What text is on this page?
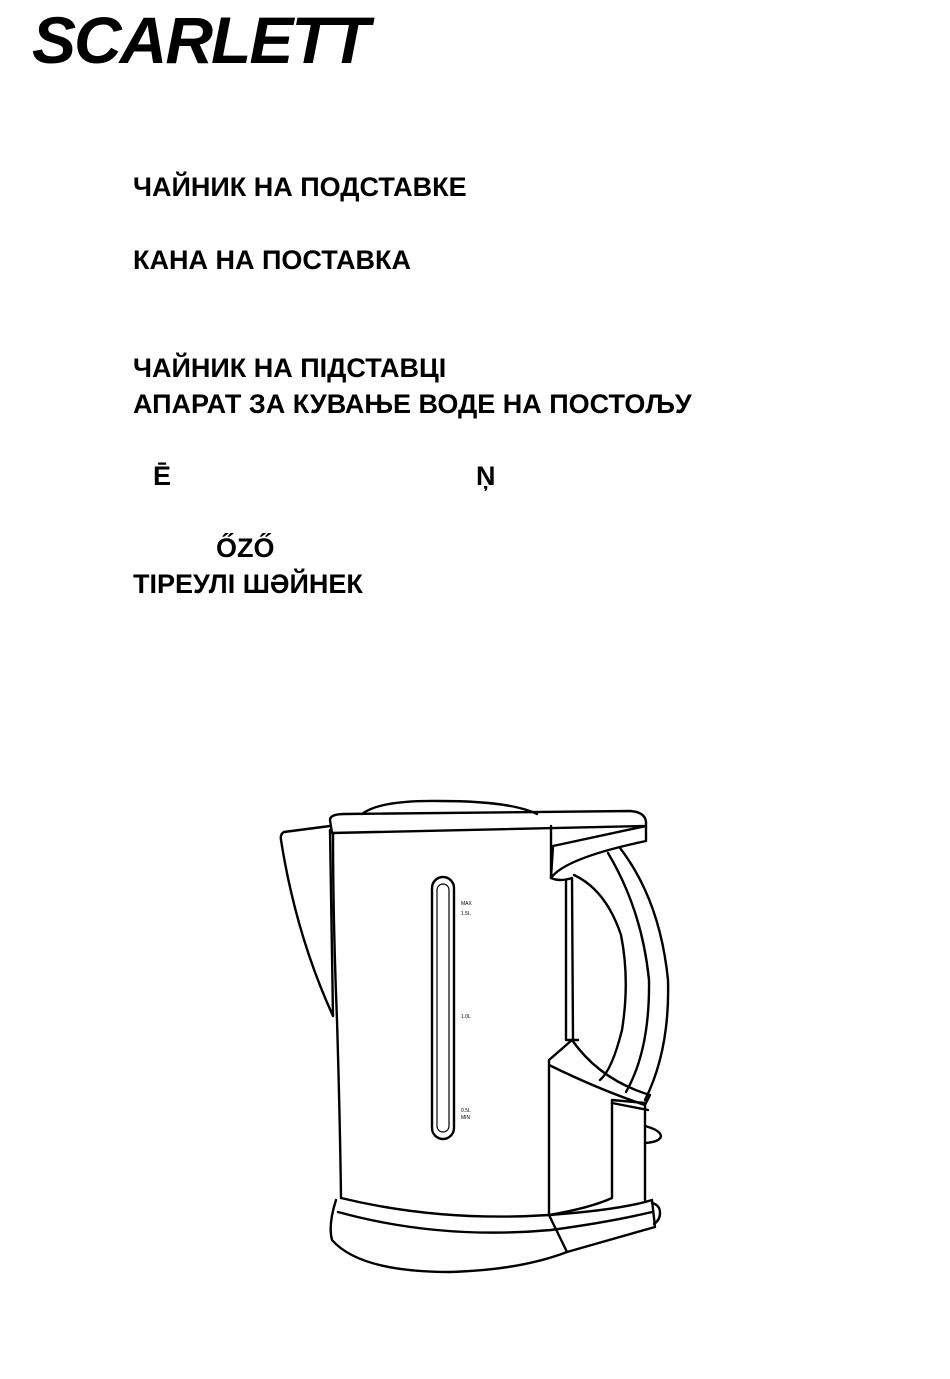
SCARLETT
ЧАЙНИК НА ПОДСТАВКЕ
КАНА НА ПОСТАВКА
ЧАЙНИК НА ПІДСТАВЦІ
АПАРАТ ЗА КУВАЊЕ ВОДЕ НА ПОСТОЉУ
Ē	Ņ
ŐZŐ
ТІРЕУЛІ ШӘЙНЕК
MAX
1.5L
1.0L
0.5L
MIN
